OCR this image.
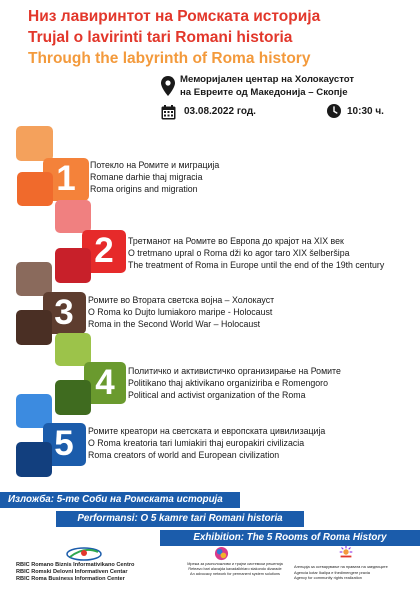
Низ лавиринтот на Ромската историја
Trujal o lavirinti tari Romani historia
Through the labyrinth of Roma history
Меморијален центар на Холокаустот
на Евреите од Македонија – Скопје
03.08.2022 год.	10:30 ч.
1	Потекло на Ромите и миграција
Romane darhie thaj migracia
Roma origins and migration
2	Третманот на Ромите во Европа до крајот на XIX век
O tretmano upral o Roma dži ko agor taro XIX šelberšipa
The treatment of Roma in Europe until the end of the 19th century
3	Ромите во Втората светска војна – Холокауст
O Roma ko Dujto lumiakoro maripe - Holocaust
Roma in the Second World War – Holocaust
4	Политичко и активистичко организирање на Ромите
Politikano thaj aktivikano organiziriba e Romengoro
Political and activist organization of the Roma
5	Ромите креатори на светската и европската цивилизација
O Roma kreatoria tari lumiakiri thaj europakiri civilizacia
Roma creators of world and European civilization
Изложба: 5-те Соби на Ромската историја
Performansi: O 5 kamre tari Romani historia
Exhibition: The 5 Rooms of Roma History
RBIC Romano Biznis Informativikano Centro
RBIC Romski Delovni Informativen Centar
RBIC Roma Business Information Center
Мрежа за расположливи и трајни системски решенија
Reteavo bari alavajda kavadalkhiaro stakondo dizarade
An advocacy network for permanent system solutions
Агенција за остварување на правата на заедниците
Agencia kotar Ikalipa e thedimengere pravia
Agency for community rights realization
